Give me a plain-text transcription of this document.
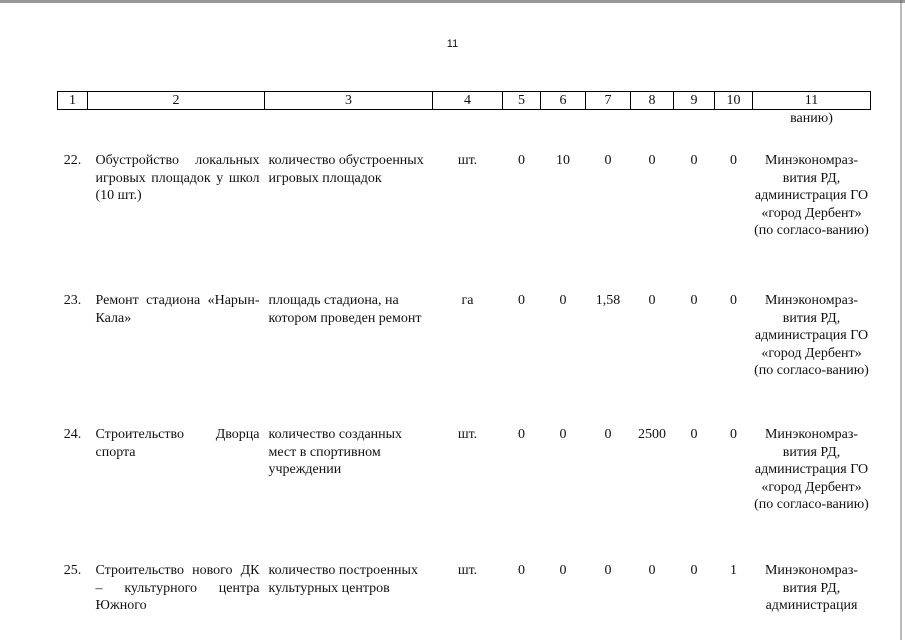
11
1	2	3	4	5	6	7	8	9	10	11
										ванию)
22.	Обустройство локальных игровых площадок у школ (10 шт.)	количество обустроенных игровых площадок	шт.	0	10	0	0	0	0	Минэкономраз-вития РД, администрация ГО «город Дербент» (по согласо-ванию)
23.	Ремонт стадиона «Нарын-Кала»	площадь стадиона, на котором проведен ремонт	га	0	0	1,58	0	0	0	Минэкономраз-вития РД, администрация ГО «город Дербент» (по согласо-ванию)
24.	Строительство Дворца спорта	количество созданных мест в спортивном учреждении	шт.	0	0	0	2500	0	0	Минэкономраз-вития РД, администрация ГО «город Дербент» (по согласо-ванию)
25.	Строительство нового ДК – культурного центра Южного	количество построенных культурных центров	шт.	0	0	0	0	0	1	Минэкономраз-вития РД, администрация
